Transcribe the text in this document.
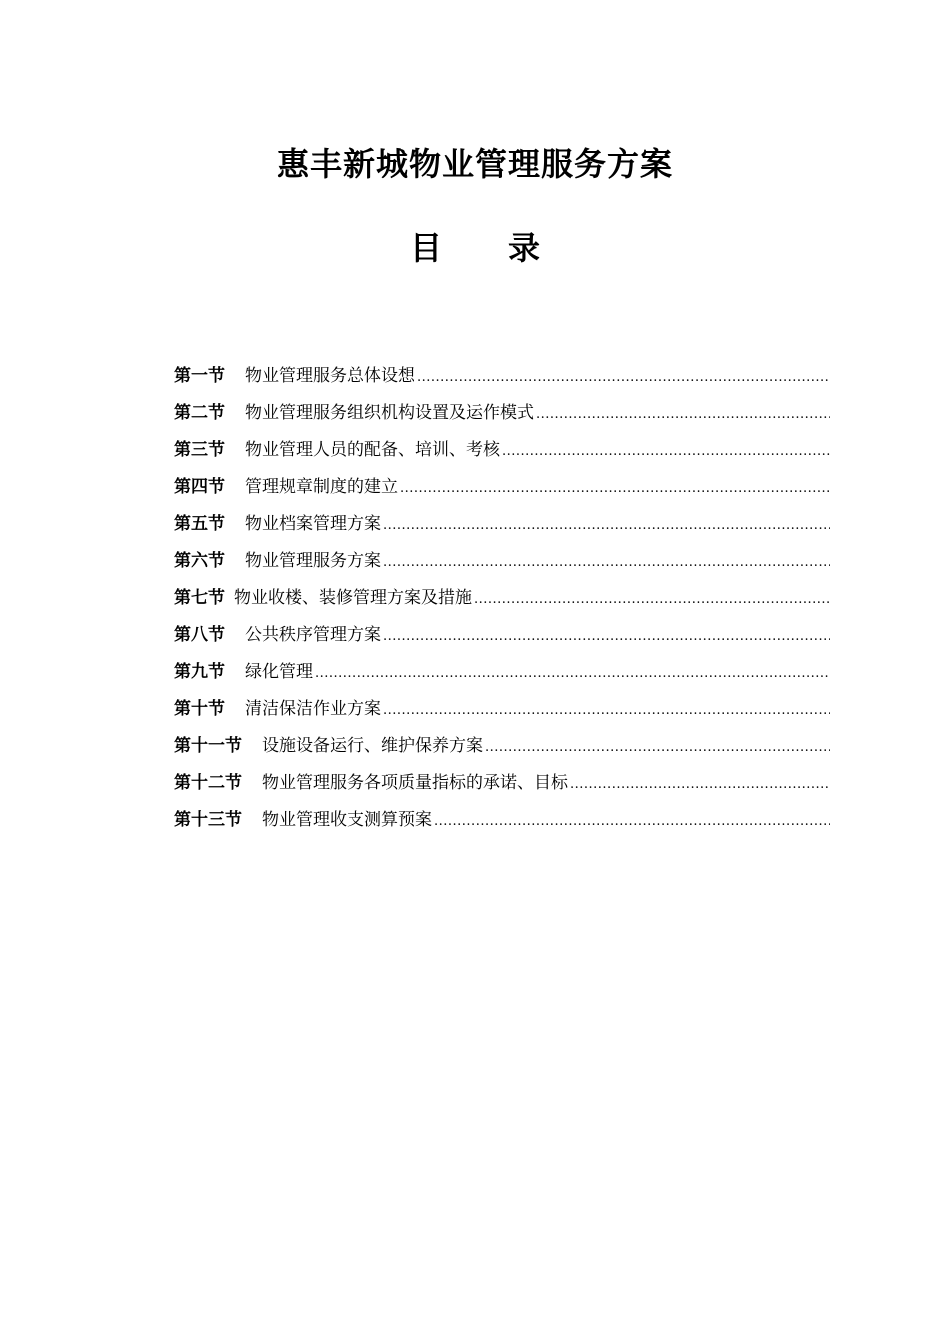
惠丰新城物业管理服务方案
目 录
第一节 物业管理服务总体设想
.....
第二节 物业管理服务组织机构设置及运作模式
.....
第三节 物业管理人员的配备、培训、考核
.....
第四节 管理规章制度的建立
.....
第五节 物业档案管理方案
.....
第六节 物业管理服务方案
.....
第七节 物业收楼、装修管理方案及措施
.....
第八节 公共秩序管理方案
.....
第九节 绿化管理
.....
第十节 清洁保洁作业方案
.....
第十一节 设施设备运行、维护保养方案
.....
第十二节 物业管理服务各项质量指标的承诺、目标
.....
第十三节 物业管理收支测算预案
.....
